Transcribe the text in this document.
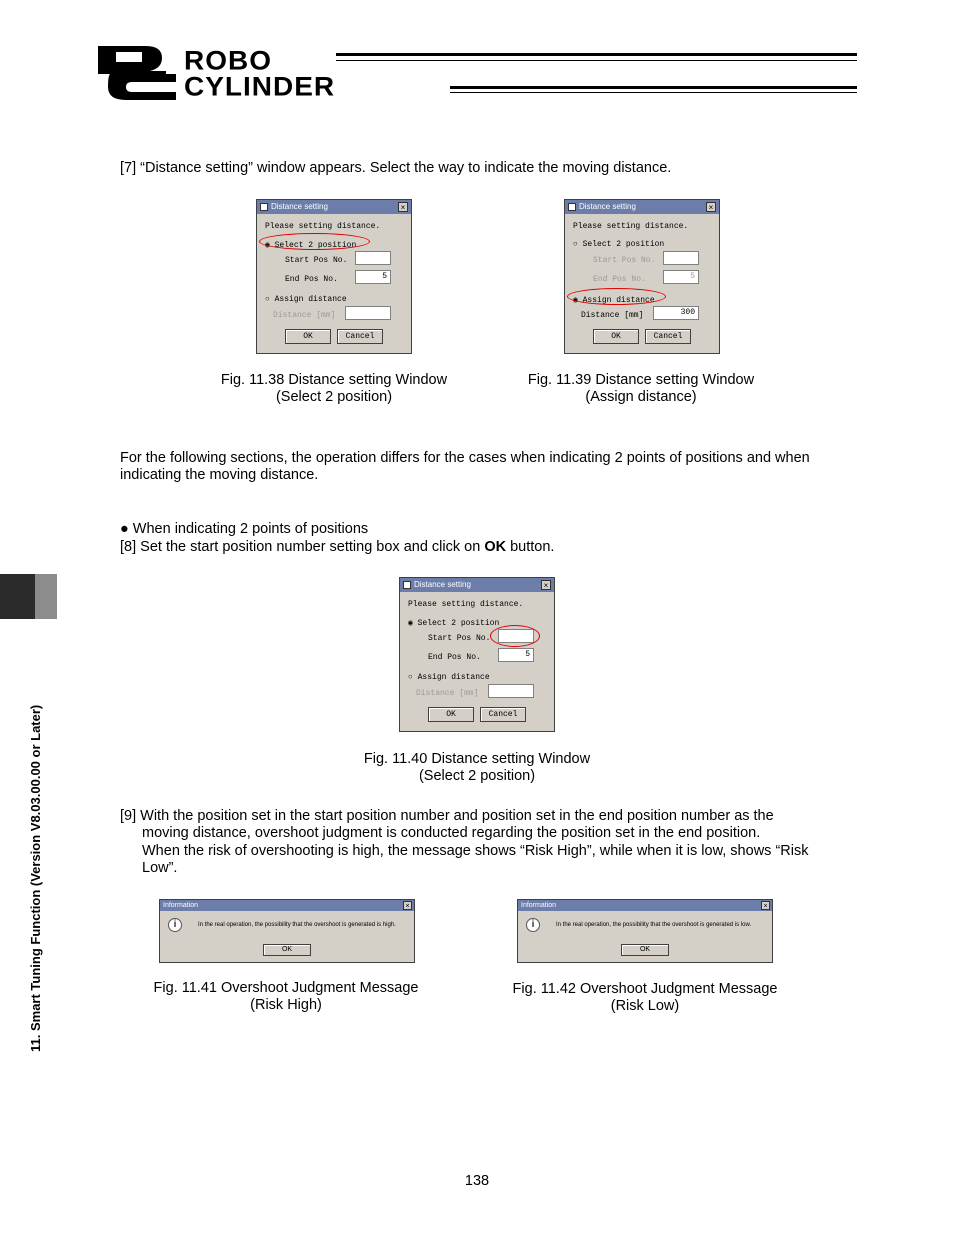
ROBO
CYLINDER
11. Smart Tuning Function (Version V8.03.00.00 or Later)
[7] “Distance setting” window appears. Select the way to indicate the moving distance.
Distance setting	×
Please setting distance.
◉ Select 2 position
Start Pos No.
End Pos No.	5
○ Assign distance
Distance [mm]
OK	Cancel
Distance setting	×
Please setting distance.
○ Select 2 position
Start Pos No.
End Pos No.	5
◉ Assign distance
Distance [mm]	300
OK	Cancel
Fig. 11.38 Distance setting Window
(Select 2 position)
Fig. 11.39 Distance setting Window
(Assign distance)
For the following sections, the operation differs for the cases when indicating 2 points of positions and when indicating the moving distance.
● When indicating 2 points of positions
[8] Set the start position number setting box and click on OK button.
Distance setting	×
Please setting distance.
◉ Select 2 position
Start Pos No.
End Pos No.	5
○ Assign distance
Distance [mm]
OK	Cancel
Fig. 11.40 Distance setting Window
(Select 2 position)
[9] With the position set in the start position number and position set in the end position number as the
moving distance, overshoot judgment is conducted regarding the position set in the end position.
When the risk of overshooting is high, the message shows “Risk High”, while when it is low, shows “Risk
Low”.
Information	×
i	In the real operation, the possibility that the overshoot is generated is high.
OK
Information	×
i	In the real operation, the possibility that the overshoot is generated is low.
OK
Fig. 11.41 Overshoot Judgment Message
(Risk High)
Fig. 11.42 Overshoot Judgment Message
(Risk Low)
138
